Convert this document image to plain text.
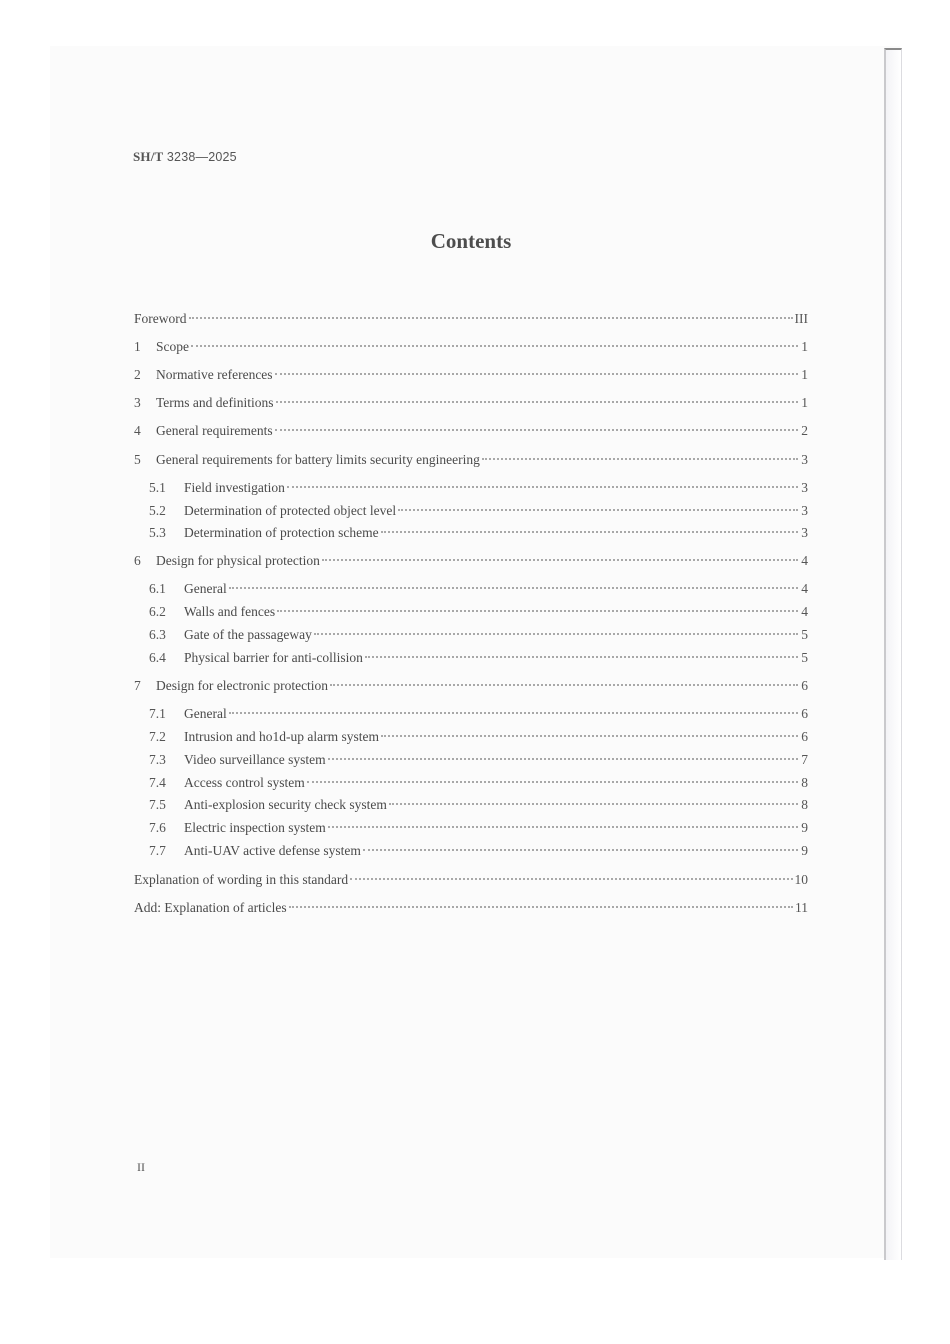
SH/T 3238—2025
Contents
Foreword	III
1	Scope	1
2	Normative references	1
3	Terms and definitions	1
4	General requirements	2
5	General requirements for battery limits security engineering	3
5.1	Field investigation	3
5.2	Determination of protected object level	3
5.3	Determination of protection scheme	3
6	Design for physical protection	4
6.1	General	4
6.2	Walls and fences	4
6.3	Gate of the passageway	5
6.4	Physical barrier for anti-collision	5
7	Design for electronic protection	6
7.1	General	6
7.2	Intrusion and ho1d-up alarm system	6
7.3	Video surveillance system	7
7.4	Access control system	8
7.5	Anti-explosion security check system	8
7.6	Electric inspection system	9
7.7	Anti-UAV active defense system	9
Explanation of wording in this standard	10
Add: Explanation of articles	11
II
